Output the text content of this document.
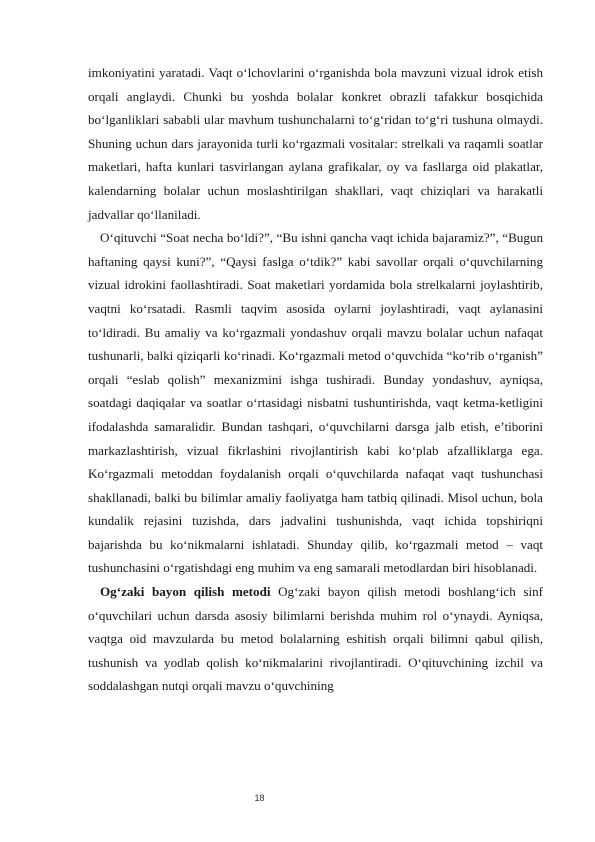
imkoniyatini yaratadi. Vaqt o‘lchovlarini o‘rganishda bola mavzuni vizual idrok etish orqali anglaydi. Chunki bu yoshda bolalar konkret obrazli tafakkur bosqichida bo‘lganliklari sababli ular mavhum tushunchalarni to‘g‘ridan to‘g‘ri tushuna olmaydi. Shuning uchun dars jarayonida turli ko‘rgazmali vositalar: strelkali va raqamli soatlar maketlari, hafta kunlari tasvirlangan aylana grafikalar, oy va fasllarga oid plakatlar, kalendarning bolalar uchun moslashtirilgan shakllari, vaqt chiziqlari va harakatli jadvallar qo‘llaniladi.

O‘qituvchi “Soat necha bo‘ldi?”, “Bu ishni qancha vaqt ichida bajaramiz?”, “Bugun haftaning qaysi kuni?”, “Qaysi faslga o‘tdik?” kabi savollar orqali o‘quvchilarning vizual idrokini faollashtiradi. Soat maketlari yordamida bola strelkalarni joylashtirib, vaqtni ko‘rsatadi. Rasmli taqvim asosida oylarni joylashtiradi, vaqt aylanasini to‘ldiradi. Bu amaliy va ko‘rgazmali yondashuv orqali mavzu bolalar uchun nafaqat tushunarli, balki qiziqarli ko‘rinadi. Ko‘rgazmali metod o‘quvchida “ko‘rib o‘rganish” orqali “eslab qolish” mexanizmini ishga tushiradi. Bunday yondashuv, ayniqsa, soatdagi daqiqalar va soatlar o‘rtasidagi nisbatni tushuntirishda, vaqt ketma-ketligini ifodalashda samaralidir. Bundan tashqari, o‘quvchilarni darsga jalb etish, e’tiborini markazlashtirish, vizual fikrlashini rivojlantirish kabi ko‘plab afzalliklarga ega. Ko‘rgazmali metoddan foydalanish orqali o‘quvchilarda nafaqat vaqt tushunchasi shakllanadi, balki bu bilimlar amaliy faoliyatga ham tatbiq qilinadi. Misol uchun, bola kundalik rejasini tuzishda, dars jadvalini tushunishda, vaqt ichida topshiriqni bajarishda bu ko‘nikmalarni ishlatadi. Shunday qilib, ko‘rgazmali metod – vaqt tushunchasini o‘rgatishdagi eng muhim va eng samarali metodlardan biri hisoblanadi.

Og‘zaki bayon qilish metodi Og‘zaki bayon qilish metodi boshlang‘ich sinf o‘quvchilari uchun darsda asosiy bilimlarni berishda muhim rol o‘ynaydi. Ayniqsa, vaqtga oid mavzularda bu metod bolalarning eshitish orqali bilimni qabul qilish, tushunish va yodlab qolish ko‘nikmalarini rivojlantiradi. O‘qituvchining izchil va soddalashgan nutqi orqali mavzu o‘quvchining

18
